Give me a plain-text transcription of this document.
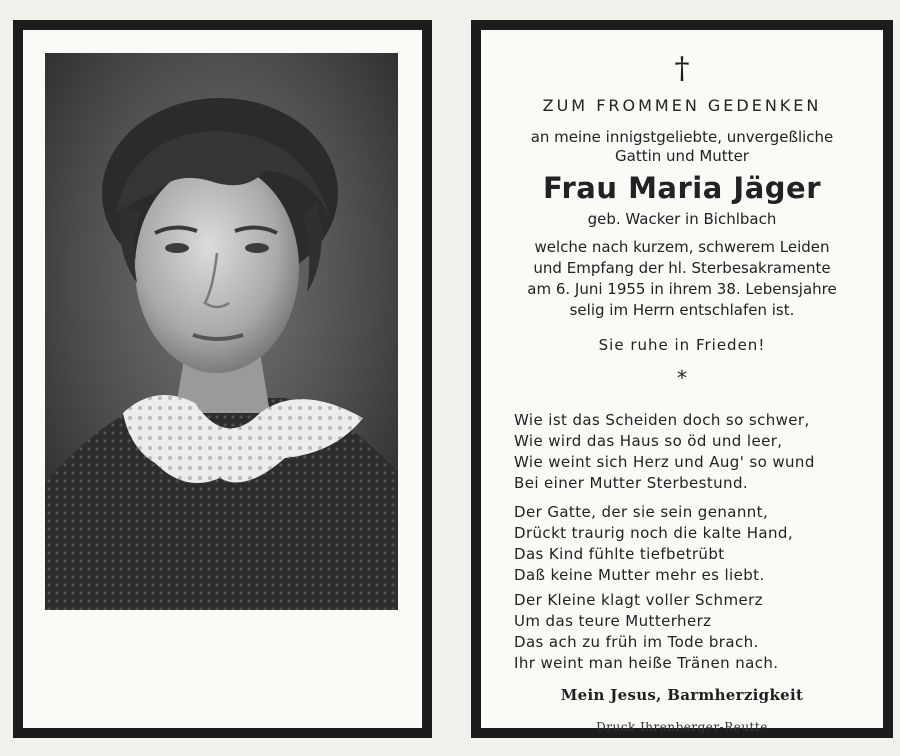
†
ZUM FROMMEN GEDENKEN
an meine innigstgeliebte, unvergeßliche
Gattin und Mutter
Frau Maria Jäger
geb. Wacker in Bichlbach
welche nach kurzem, schwerem Leiden
und Empfang der hl. Sterbesakramente
am 6. Juni 1955 in ihrem 38. Lebensjahre
selig im Herrn entschlafen ist.
Sie ruhe in Frieden!
*
Wie ist das Scheiden doch so schwer,
Wie wird das Haus so öd und leer,
Wie weint sich Herz und Aug' so wund
Bei einer Mutter Sterbestund.
Der Gatte, der sie sein genannt,
Drückt traurig noch die kalte Hand,
Das Kind fühlte tiefbetrübt
Daß keine Mutter mehr es liebt.
Der Kleine klagt voller Schmerz
Um das teure Mutterherz
Das ach zu früh im Tode brach.
Ihr weint man heiße Tränen nach.
Mein Jesus, Barmherzigkeit
Druck Ihrenberger-Reutte
